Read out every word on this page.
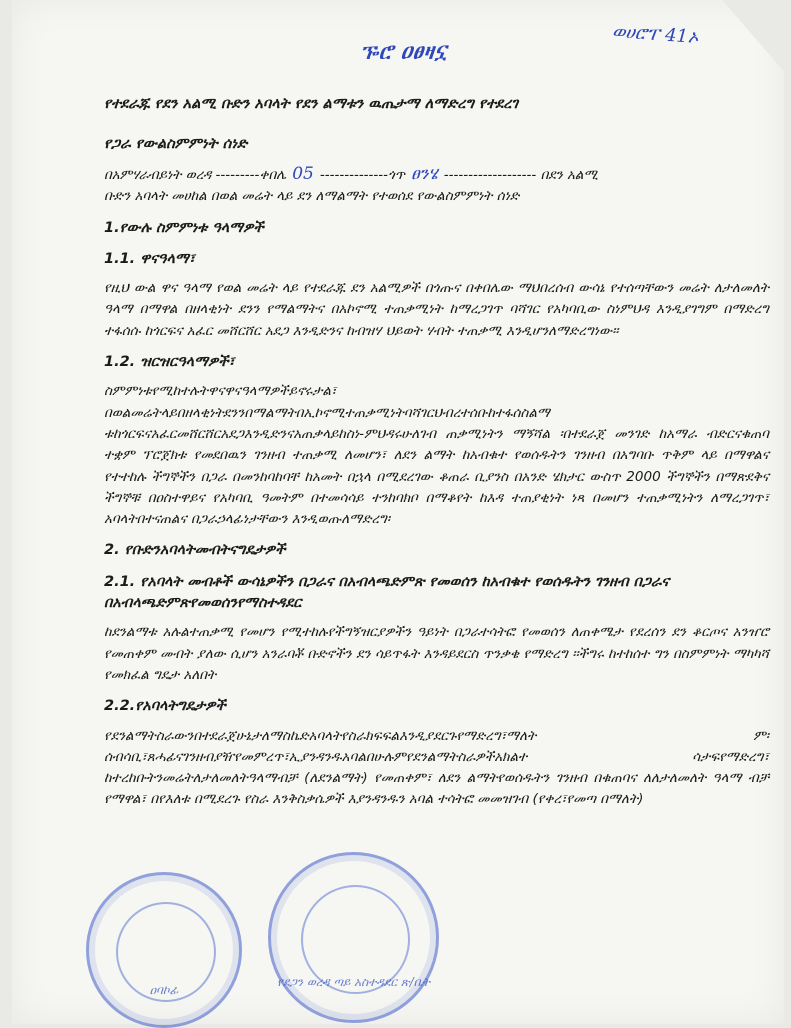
ᎏሮ ዐፀዛኗ
ወሀሮፐ 41ኦ

የተደራጁ የደን አልሚ ቡድን አባላት የደን ልማቱን ዉጤታማ ለማድረግ የተደረገ

የጋራ የውልስምምነት ሰነድ

በአምሃራብይነት ወረዳ ---------ቀበሌ 05 --------------ጎጥ ፀንሄ ------------------- በደን አልሚ

ቡድን አባላት መሀከል በወል መሬት ላይ ደን ለማልማት የተወሰደ የውልስምምነት ሰነድ

1.የውሉ ስምምነቱ ዓላማዎች
1.1. ዋናዓላማ፣

የዚህ ውል ዋና ዓላማ የወል መሬት ላይ የተደራጁ ደን አልሚዎች በጎጡና በቀበሌው ማህበረሰብ ውሳኔ የተሰጣቸውን መሬት ለታለመለት ዓላማ በማዋል በዘላቂነት ደንን የማልማትና በአኮኖሚ ተጠቃሚነት ከማረጋገጥ ባሻገር የአካባቢው ስነምህዳ እንዲያገግም በማድረግ ተፋሰሱ ከጎርፍና አፈር መሸርሸር አደጋ እንዲድንና ከብዝሃ ህይወት ሃብት ተጠቃሚ እንዲሆንለማድረግነው፡፡

1.2. ዝርዝርዓላማዎች፣

ስምምነቱየሚከተሉትዋናዋናዓላማዎችይኖሩታል፣ በወልመሬትላይበዘላቂነትደንንበማልማትበኢኮኖሚተጠቃሚነትባሻገርህብረተሰቡከተፋሰስልማ ቱከጎርፍናአፈርመሸርሸርአደጋእንዲድንናአጠቃላይከስነ-ምህዳሩሁለገብ ጠቃሚነትን ማኝሻል ፡በተደራጀ መንገድ ከአማራ ብድርናቁጠባ ተቋም ፕሮጀክቱ የመደበዉን ገንዘብ ተጠቃሚ ለመሆን፣ ለደን ልማት ከአብቁተ የወሰዱትን ገንዘብ በአግባቡ ጥቅም ላይ በማዋልና የተተከሉ ችግኞችን በጋራ በመንከባከባቸ ከአመት በኋላ በሚደረገው ቆጠራ ቢያንስ በአንድ ሄክታር ውስጥ 2000 ችግኞችን በማጽደቅና ችግኞቹ በዐስተዋይና የአካባቢ ዓመትም በተመሳሳይ ተንከባክቦ በማቆየት ከእዳ ተጠያቂነት ነጻ በመሆን ተጠቃሚነትን ለማረጋገጥ፣ አባላትበተናጠልና በጋራኃላፊነታቸውን እንዲወጡለማድረግ፡

2. የቡድንአባላትመብትናግዴታዎች
2.1. የአባላት መብቶች ውሳኔዎችን በጋራና በአብላጫድምጽ የመወሰን ከአብቁተ የወሰዱትን ገንዘብ በጋራና በአብላጫድምጽየመወሰንየማስተዳደር

ከደንልማቱ አሉልተጠቃሚ የመሆን የሚተከሉየችግኝዝርያዎችን ዓይነት በጋራተሳትፎ የመወሰን ለጠቀሜታ የደረሰን ደን ቆርጦና አንዠሮ የመጠቀም መብት ያለው ሲሆን አንራባቾ ቡድኖችን ደን ሳይጥፋት እንዳይደርስ ጥንቃቄ የማድረግ ፡፡ችግሩ ከተከሰተ ግን በስምምነት ማካካሻ የመክፈል ግዴታ አለበት

2.2.የአባላትግዴታዎች

የደንልማትስራውንበተደራጀሁኔታለማስኬድአባላትየስራክፍፍልእንዲያደርጉየማድረግ፣ማለት ም፡ሰብሳቢ፣ጸሓፊናገንዘብያዥየመምረጥ፣ኢያንዳንዱአባልበሁሉምየደንልማትስራዎችአክልተ ሳታፍየማድረግ፣ ከተረከቡትንመሬትለታለመለትዓላማብቻ (ለደንልማት) የመጠቀም፣ ለደን ልማትየወሰዱትን ገንዘብ በቁጠባና ለለታለመለት ዓላማ ብቻ የማዋል፣ በየእለቱ በሚደረጉ የስራ እንቅስቃሴዎች እያንዳንዱን አባል ተሳትፎ መመዝገብ (የቀረ፣የመጣ በማለት)

ዐባኮፊ
የደጋን ወረዳ ጣይ አስተዳደር ጽ/ቤት
